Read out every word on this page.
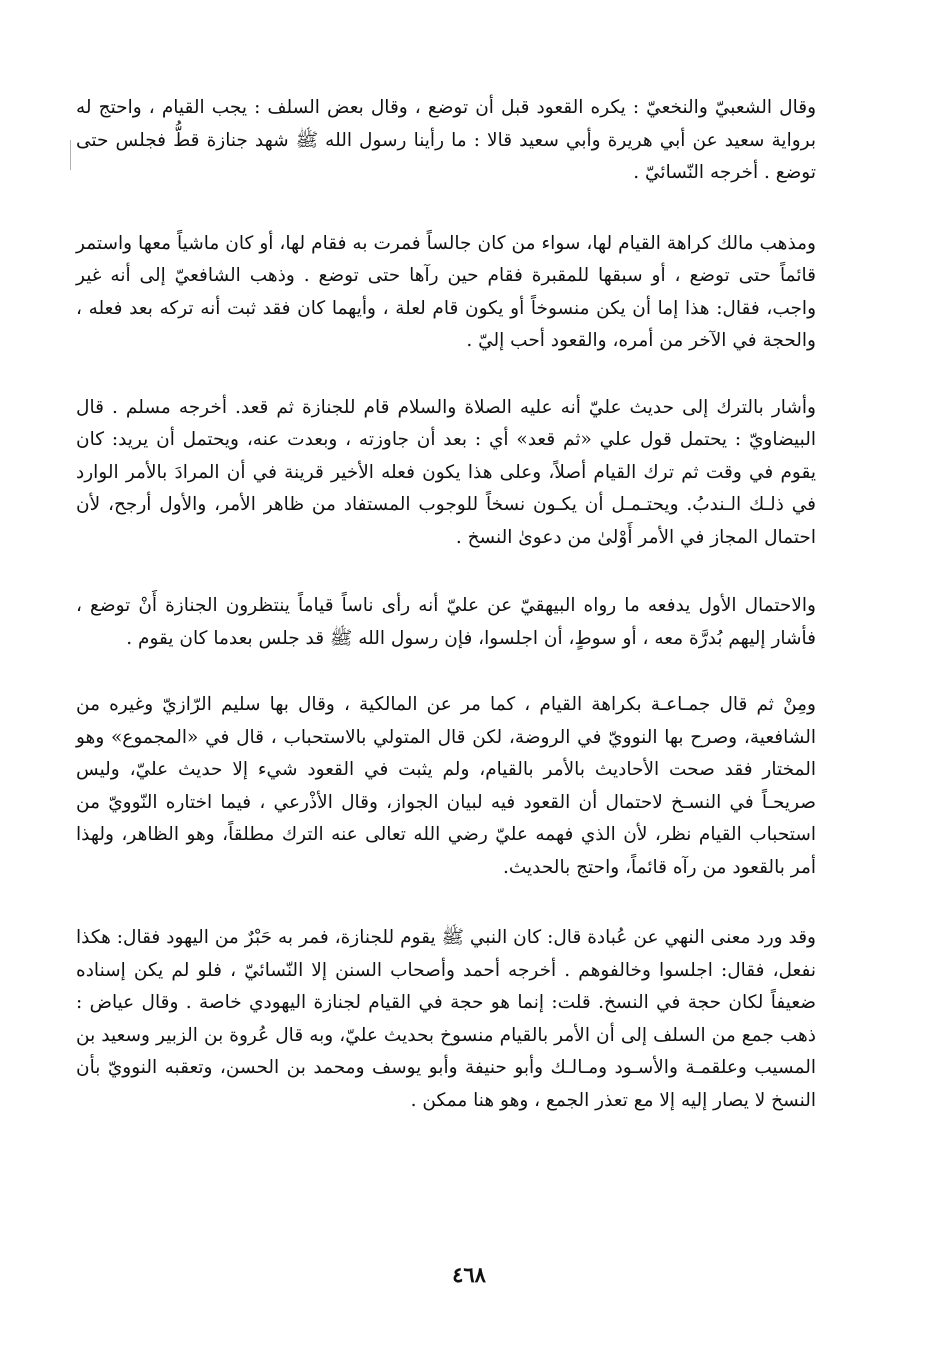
وقال الشعبيّ والنخعيّ : يكره القعود قبل أن توضع ، وقال بعض السلف : يجب القيام ، واحتج له برواية سعيد عن أبي هريرة وأبي سعيد قالا : ما رأينا رسول الله ﷺ شهد جنازة قطُّ فجلس حتى توضع . أخرجه النّسائيّ .

ومذهب مالك كراهة القيام لها، سواء من كان جالساً فمرت به فقام لها، أو كان ماشياً معها واستمر قائماً حتى توضع ، أو سبقها للمقبرة فقام حين رآها حتى توضع . وذهب الشافعيّ إلى أنه غير واجب، فقال: هذا إما أن يكن منسوخاً أو يكون قام لعلة ، وأيهما كان فقد ثبت أنه تركه بعد فعله ، والحجة في الآخر من أمره، والقعود أحب إليّ .

وأشار بالترك إلى حديث عليّ أنه عليه الصلاة والسلام قام للجنازة ثم قعد. أخرجه مسلم . قال البيضاويّ : يحتمل قول علي «ثم قعد» أي : بعد أن جاوزته ، وبعدت عنه، ويحتمل أن يريد: كان يقوم في وقت ثم ترك القيام أصلاً، وعلى هذا يكون فعله الأخير قرينة في أن المرادَ بالأمر الوارد في ذلـك الـندبُ. ويحتـمـل أن يكـون نسخاً للوجوب المستفاد من ظاهر الأمر، والأول أرجح، لأن احتمال المجاز في الأمر أَوْلىٰ من دعوىٰ النسخ .

والاحتمال الأول يدفعه ما رواه البيهقيّ عن عليّ أنه رأى ناساً قياماً ينتظرون الجنازة أَنْ توضع ، فأشار إليهم بُدرَّة معه ، أو سوطٍ، أن اجلسوا، فإن رسول الله ﷺ قد جلس بعدما كان يقوم .

ومِنْ ثم قال جمـاعـة بكراهة القيام ، كما مر عن المالكية ، وقال بها سليم الرّازيّ وغيره من الشافعية، وصرح بها النوويّ في الروضة، لكن قال المتولي بالاستحباب ، قال في «المجموع» وهو المختار فقد صحت الأحاديث بالأمر بالقيام، ولم يثبت في القعود شيء إلا حديث عليّ، وليس صريحـاً في النسـخ لاحتمال أن القعود فيه لبيان الجواز، وقال الأذْرعي ، فيما اختاره النّوويّ من استحباب القيام نظر، لأن الذي فهمه عليّ رضي الله تعالى عنه الترك مطلقاً، وهو الظاهر، ولهذا أمر بالقعود من رآه قائماً، واحتج بالحديث.

وقد ورد معنى النهي عن عُبادة قال: كان النبي ﷺ يقوم للجنازة، فمر به حَبْرٌ من اليهود فقال: هكذا نفعل، فقال: اجلسوا وخالفوهم . أخرجه أحمد وأصحاب السنن إلا النّسائيّ ، فلو لم يكن إسناده ضعيفاً لكان حجة في النسخ. قلت: إنما هو حجة في القيام لجنازة اليهودي خاصة . وقال عياض : ذهب جمع من السلف إلى أن الأمر بالقيام منسوخ بحديث عليّ، وبه قال عُروة بن الزبير وسعيد بن المسيب وعلقمـة والأسـود ومـالـك وأبو حنيفة وأبو يوسف ومحمد بن الحسن، وتعقبه النوويّ بأن النسخ لا يصار إليه إلا مع تعذر الجمع ، وهو هنا ممكن .

٤٦٨
